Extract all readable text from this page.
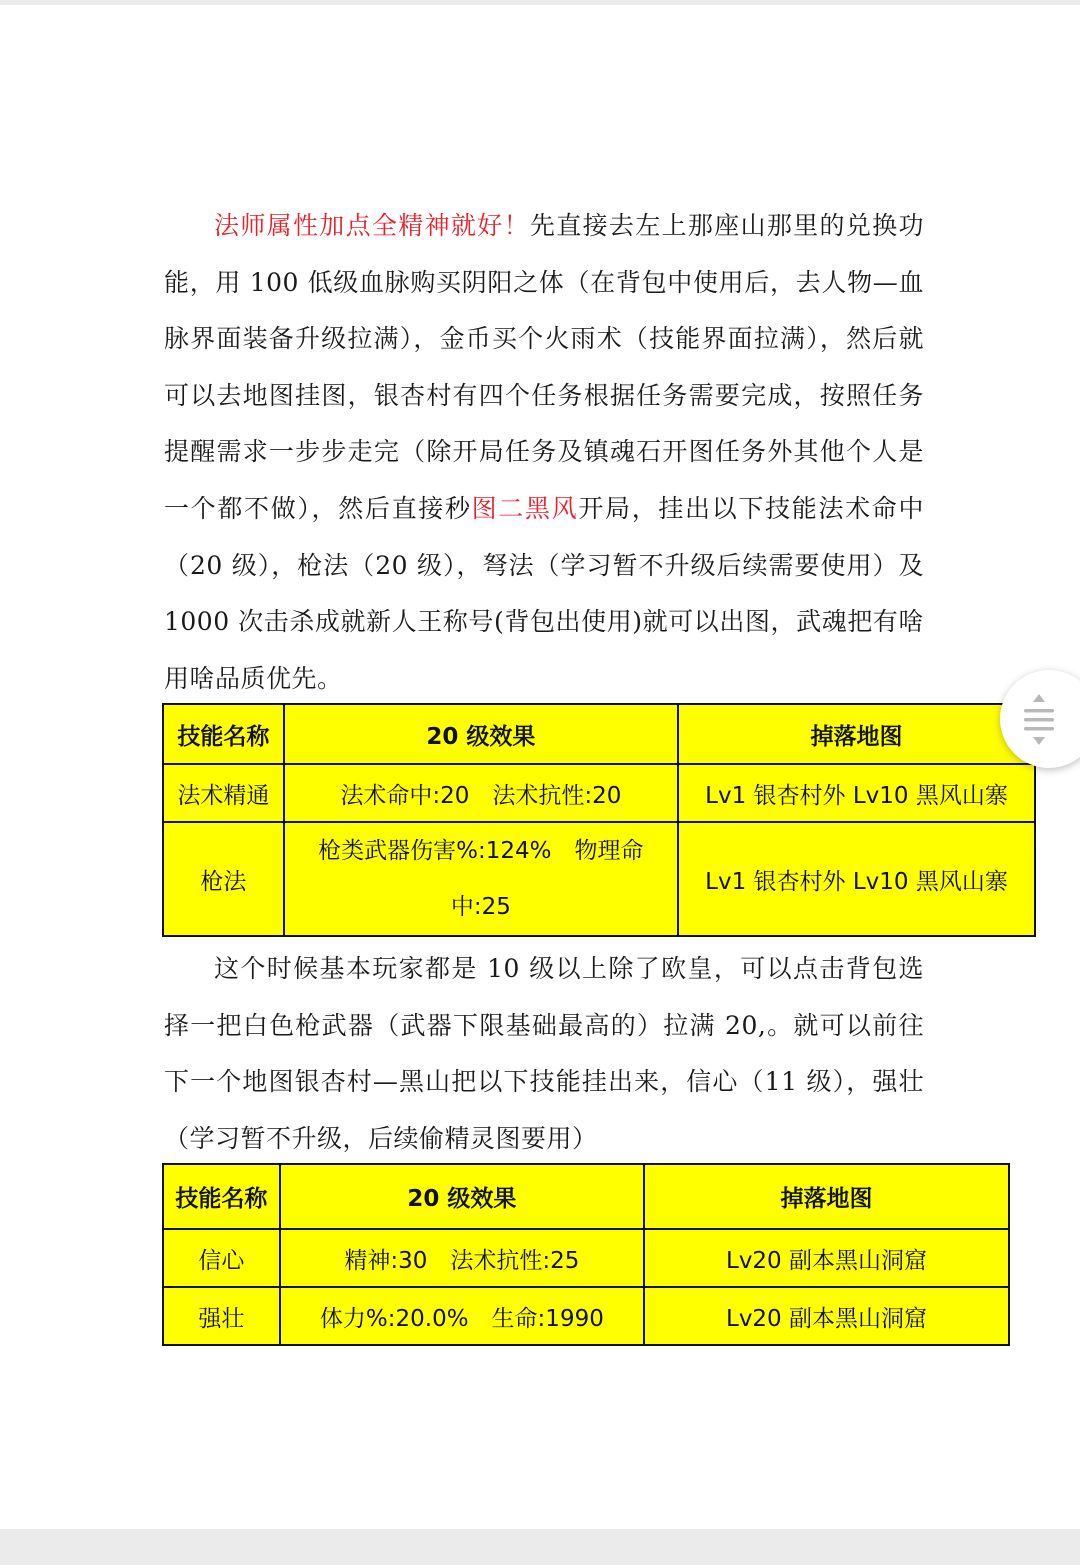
法师属性加点全精神就好！先直接去左上那座山那里的兑换功能，用 100 低级血脉购买阴阳之体（在背包中使用后，去人物—血脉界面装备升级拉满），金币买个火雨术（技能界面拉满），然后就可以去地图挂图，银杏村有四个任务根据任务需要完成，按照任务提醒需求一步步走完（除开局任务及镇魂石开图任务外其他个人是一个都不做），然后直接秒图二黑风开局，挂出以下技能法术命中（20 级），枪法（20 级），弩法（学习暂不升级后续需要使用）及 1000 次击杀成就新人王称号(背包出使用)就可以出图，武魂把有啥用啥品质优先。

技能名称	20 级效果	掉落地图
法术精通	法术命中:20　法术抗性:20	Lv1 银杏村外 Lv10 黑风山寨
枪法	枪类武器伤害%:124%　物理命中:25	Lv1 银杏村外 Lv10 黑风山寨

这个时候基本玩家都是 10 级以上除了欧皇，可以点击背包选择一把白色枪武器（武器下限基础最高的）拉满 20,。就可以前往下一个地图银杏村—黑山把以下技能挂出来，信心（11 级），强壮（学习暂不升级，后续偷精灵图要用）

技能名称	20 级效果	掉落地图
信心	精神:30　法术抗性:25	Lv20 副本黑山洞窟
强壮	体力%:20.0%　生命:1990	Lv20 副本黑山洞窟
